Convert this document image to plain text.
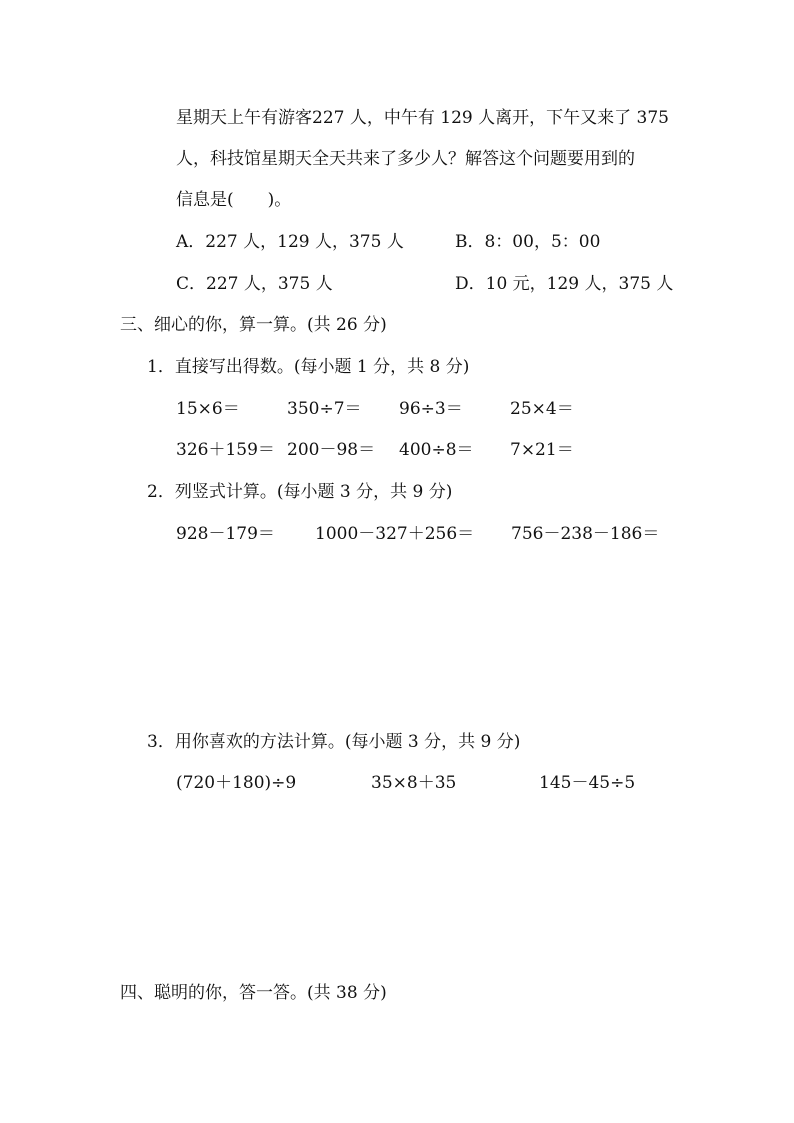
星期天上午有游客227 人，中午有 129 人离开，下午又来了 375
人，科技馆星期天全天共来了多少人？解答这个问题要用到的
信息是(　　)。
A．227 人，129 人，375 人	B．8：00，5：00
C．227 人，375 人	D．10 元，129 人，375 人
三、细心的你，算一算。(共 26 分)
1．直接写出得数。(每小题 1 分，共 8 分)
15×6＝	350÷7＝ 96÷3＝	25×4＝
326＋159＝ 200－98＝ 400÷8＝ 7×21＝
2．列竖式计算。(每小题 3 分，共 9 分)
928－179＝ 1000－327＋256＝ 756－238－186＝
3．用你喜欢的方法计算。(每小题 3 分，共 9 分)
(720＋180)÷9	35×8＋35	145－45÷5
四、聪明的你，答一答。(共 38 分)
